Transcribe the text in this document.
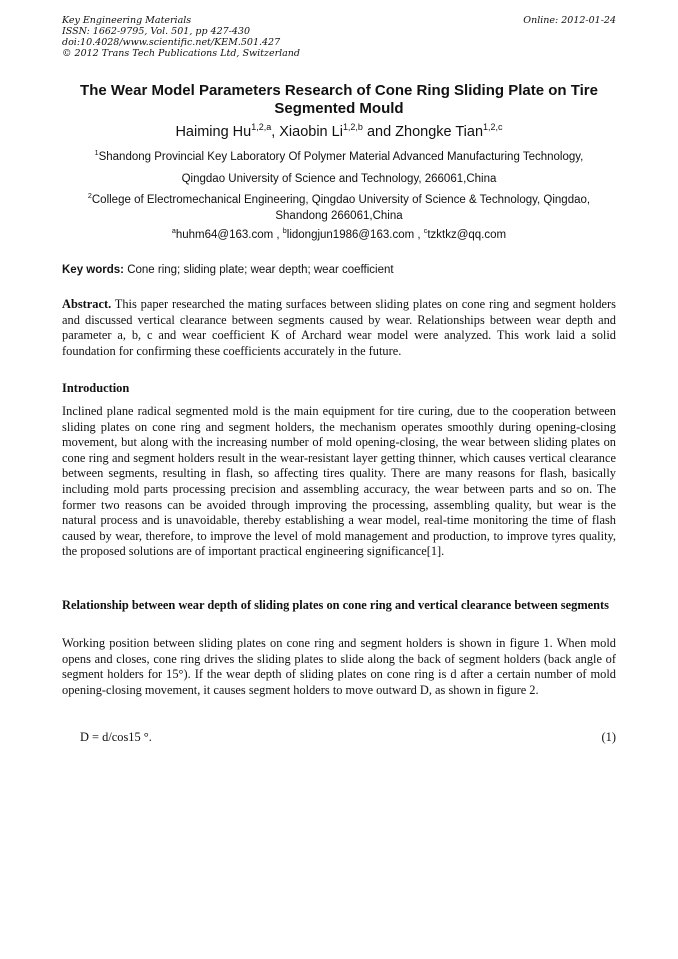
Key Engineering Materials	Online: 2012-01-24
ISSN: 1662-9795, Vol. 501, pp 427-430
doi:10.4028/www.scientific.net/KEM.501.427
© 2012 Trans Tech Publications Ltd, Switzerland
The Wear Model Parameters Research of Cone Ring Sliding Plate on Tire Segmented Mould
Haiming Hu$^{1,2,a}$, Xiaobin Li$^{1,2,b}$ and Zhongke Tian$^{1,2,c}$
$^1$Shandong Provincial Key Laboratory Of Polymer Material Advanced Manufacturing Technology,
Qingdao University of Science and Technology, 266061,China
$^2$College of Electromechanical Engineering, Qingdao University of Science & Technology, Qingdao,
Shandong 266061,China
$^a$huhm64@163.com , $^b$lidongjun1986@163.com , $^c$tzktkz@qq.com
Key words: Cone ring; sliding plate; wear depth; wear coefficient
Abstract. This paper researched the mating surfaces between sliding plates on cone ring and segment holders and discussed vertical clearance between segments caused by wear. Relationships between wear depth and parameter a, b, c and wear coefficient K of Archard wear model were analyzed. This work laid a solid foundation for confirming these coefficients accurately in the future.
Introduction
Inclined plane radical segmented mold is the main equipment for tire curing, due to the cooperation between sliding plates on cone ring and segment holders, the mechanism operates smoothly during opening-closing movement, but along with the increasing number of mold opening-closing, the wear between sliding plates on cone ring and segment holders result in the wear-resistant layer getting thinner, which causes vertical clearance between segments, resulting in flash, so affecting tires quality. There are many reasons for flash, basically including mold parts processing precision and assembling accuracy, the wear between parts and so on. The former two reasons can be avoided through improving the processing, assembling quality, but wear is the natural process and is unavoidable, thereby establishing a wear model, real-time monitoring the time of flash caused by wear, therefore, to improve the level of mold management and production, to improve tyres quality, the proposed solutions are of important practical engineering significance[1].
Relationship between wear depth of sliding plates on cone ring and vertical clearance between segments
Working position between sliding plates on cone ring and segment holders is shown in figure 1. When mold opens and closes, cone ring drives the sliding plates to slide along the back of segment holders (back angle of segment holders for 15°). If the wear depth of sliding plates on cone ring is d after a certain number of mold opening-closing movement, it causes segment holders to move outward D, as shown in figure 2.
D = d/cos15 °.	(1)
